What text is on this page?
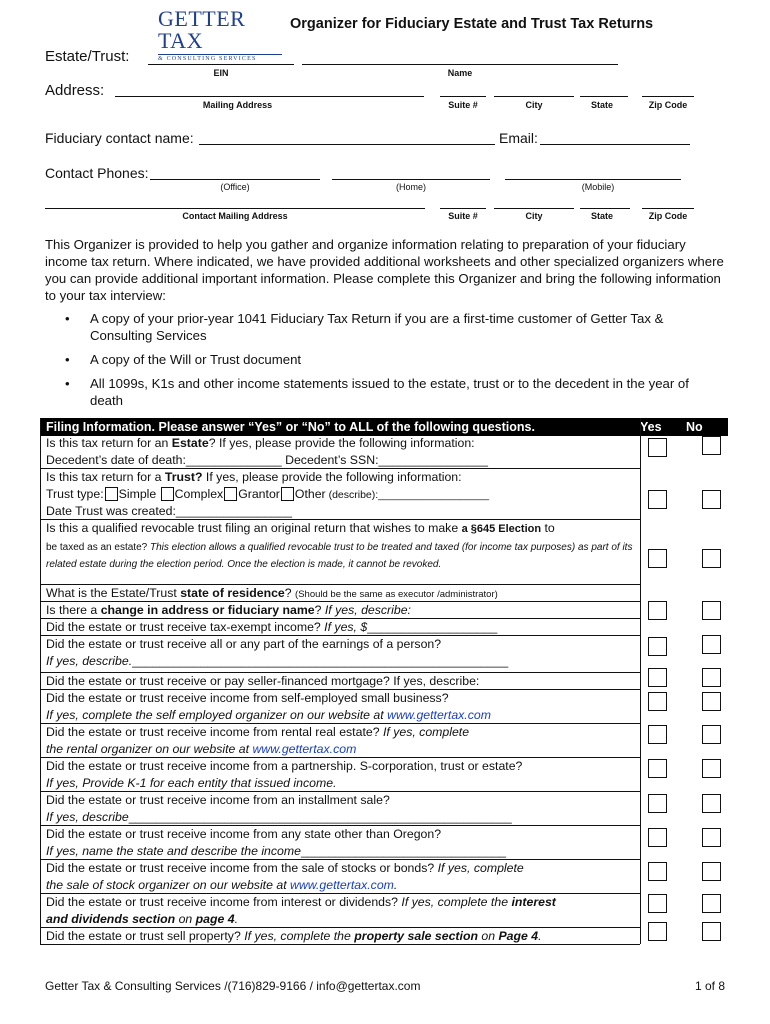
GETTER TAX
& CONSULTING SERVICES
Organizer for Fiduciary Estate and Trust Tax Returns
Estate/Trust:
EIN	Name
Address:
Mailing Address	Suite #	City	State	Zip Code
Fiduciary contact name:	Email:
Contact Phones:
(Office)	(Home)	(Mobile)
Contact Mailing Address	Suite #	City	State	Zip Code
This Organizer is provided to help you gather and organize information relating to preparation of your fiduciary income tax return. Where indicated, we have provided additional worksheets and other specialized organizers where you can provide additional important information. Please complete this Organizer and bring the following information to your tax interview:
• A copy of your prior-year 1041 Fiduciary Tax Return if you are a first-time customer of Getter Tax & Consulting Services
• A copy of the Will or Trust document
• All 1099s, K1s and other income statements issued to the estate, trust or to the decedent in the year of death
Filing Information. Please answer “Yes” or “No” to ALL of the following questions.	Yes No
Is this tax return for an Estate? If yes, please provide the following information:
Decedent’s date of death:______________ Decedent’s SSN:________________
Is this tax return for a Trust? If yes, please provide the following information:
Trust type: Simple Complex Grantor Other (describe):___________________
Date Trust was created:_________________
Is this a qualified revocable trust filing an original return that wishes to make a §645 Election to
be taxed as an estate? This election allows a qualified revocable trust to be treated and taxed (for income tax purposes) as part of its related estate during the election period. Once the election is made, it cannot be revoked.
What is the Estate/Trust state of residence? (Should be the same as executor /administrator)
Is there a change in address or fiduciary name? If yes, describe:
Did the estate or trust receive tax-exempt income? If yes, $___________________
Did the estate or trust receive all or any part of the earnings of a person?
If yes, describe._______________________________________________________
Did the estate or trust receive or pay seller-financed mortgage? If yes, describe:
Did the estate or trust receive income from self-employed small business?
If yes, complete the self employed organizer on our website at www.gettertax.com
Did the estate or trust receive income from rental real estate? If yes, complete
the rental organizer on our website at www.gettertax.com
Did the estate or trust receive income from a partnership. S-corporation, trust or estate?
If yes, Provide K-1 for each entity that issued income.
Did the estate or trust receive income from an installment sale?
If yes, describe________________________________________________________
Did the estate or trust receive income from any state other than Oregon?
If yes, name the state and describe the income______________________________
Did the estate or trust receive income from the sale of stocks or bonds? If yes, complete
the sale of stock organizer on our website at www.gettertax.com.
Did the estate or trust receive income from interest or dividends? If yes, complete the interest
and dividends section on page 4.
Did the estate or trust sell property? If yes, complete the property sale section on Page 4.
Getter Tax & Consulting Services /(716)829-9166 / info@gettertax.com	1 of 8
